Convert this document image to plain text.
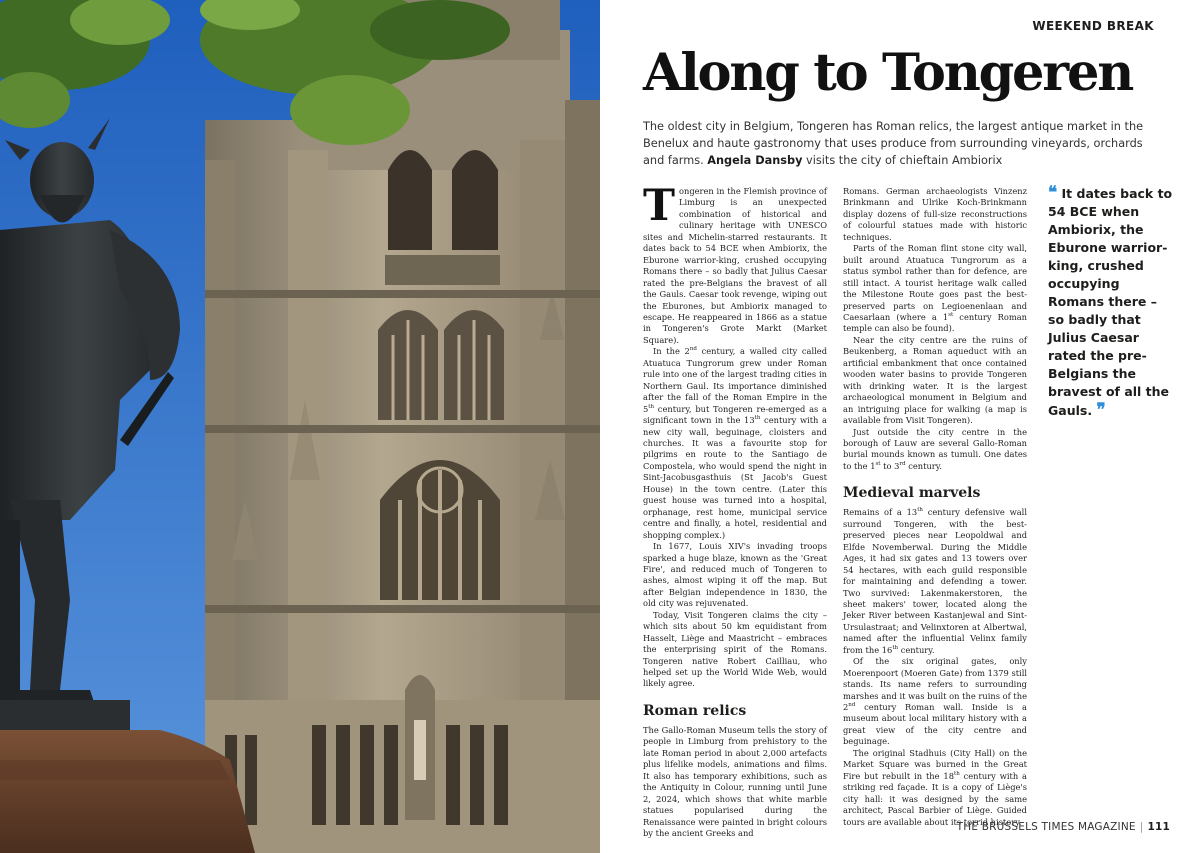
WEEKEND BREAK
Along to Tongeren

The oldest city in Belgium, Tongeren has Roman relics, the largest antique market in the Benelux and haute gastronomy that uses produce from surrounding vineyards, orchards and farms. Angela Dansby visits the city of chieftain Ambiorix

Tongeren in the Flemish province of Limburg is an unexpected combination of historical and culinary heritage with UNESCO sites and Michelin-starred restaurants. It dates back to 54 BCE when Ambiorix, the Eburone warrior-king, crushed occupying Romans there – so badly that Julius Caesar rated the pre-Belgians the bravest of all the Gauls. Caesar took revenge, wiping out the Eburones, but Ambiorix managed to escape. He reappeared in 1866 as a statue in Tongeren's Grote Markt (Market Square).

In the 2nd century, a walled city called Atuatuca Tungrorum grew under Roman rule into one of the largest trading cities in Northern Gaul. Its importance diminished after the fall of the Roman Empire in the 5th century, but Tongeren re-emerged as a significant town in the 13th century with a new city wall, beguinage, cloisters and churches. It was a favourite stop for pilgrims en route to the Santiago de Compostela, who would spend the night in Sint-Jacobusgasthuis (St Jacob's Guest House) in the town centre. (Later this guest house was turned into a hospital, orphanage, rest home, municipal service centre and finally, a hotel, residential and shopping complex.)

In 1677, Louis XIV's invading troops sparked a huge blaze, known as the 'Great Fire', and reduced much of Tongeren to ashes, almost wiping it off the map. But after Belgian independence in 1830, the old city was rejuvenated.

Today, Visit Tongeren claims the city – which sits about 50 km equidistant from Hasselt, Liège and Maastricht – embraces the enterprising spirit of the Romans. Tongeren native Robert Cailliau, who helped set up the World Wide Web, would likely agree.

Roman relics

The Gallo-Roman Museum tells the story of people in Limburg from prehistory to the late Roman period in about 2,000 artefacts plus lifelike models, animations and films. It also has temporary exhibitions, such as the Antiquity in Colour, running until June 2, 2024, which shows that white marble statues popularised during the Renaissance were painted in bright colours by the ancient Greeks and

Romans. German archaeologists Vinzenz Brinkmann and Ulrike Koch-Brinkmann display dozens of full-size reconstructions of colourful statues made with historic techniques.

Parts of the Roman flint stone city wall, built around Atuatuca Tungrorum as a status symbol rather than for defence, are still intact. A tourist heritage walk called the Milestone Route goes past the best-preserved parts on Legioenenlaan and Caesarlaan (where a 1st century Roman temple can also be found).

Near the city centre are the ruins of Beukenberg, a Roman aqueduct with an artificial embankment that once contained wooden water basins to provide Tongeren with drinking water. It is the largest archaeological monument in Belgium and an intriguing place for walking (a map is available from Visit Tongeren).

Just outside the city centre in the borough of Lauw are several Gallo-Roman burial mounds known as tumuli. One dates to the 1st to 3rd century.

Medieval marvels

Remains of a 13th century defensive wall surround Tongeren, with the best-preserved pieces near Leopoldwal and Elfde Novemberwal. During the Middle Ages, it had six gates and 13 towers over 54 hectares, with each guild responsible for maintaining and defending a tower. Two survived: Lakenmakerstoren, the sheet makers' tower, located along the Jeker River between Kastanjewal and Sint-Ursulastraat; and Velinxtoren at Albertwal, named after the influential Velinx family from the 16th century.

Of the six original gates, only Moerenpoort (Moeren Gate) from 1379 still stands. Its name refers to surrounding marshes and it was built on the ruins of the 2nd century Roman wall. Inside is a museum about local military history with a great view of the city centre and beguinage.

The original Stadhuis (City Hall) on the Market Square was burned in the Great Fire but rebuilt in the 18th century with a striking red façade. It is a copy of Liège's city hall: it was designed by the same architect, Pascal Barbier of Liège. Guided tours are available about its torrid history.

❝ It dates back to 54 BCE when Ambiorix, the Eburone warrior-king, crushed occupying Romans there – so badly that Julius Caesar rated the pre-Belgians the bravest of all the Gauls. ❞
THE BRUSSELS TIMES MAGAZINE | 111
